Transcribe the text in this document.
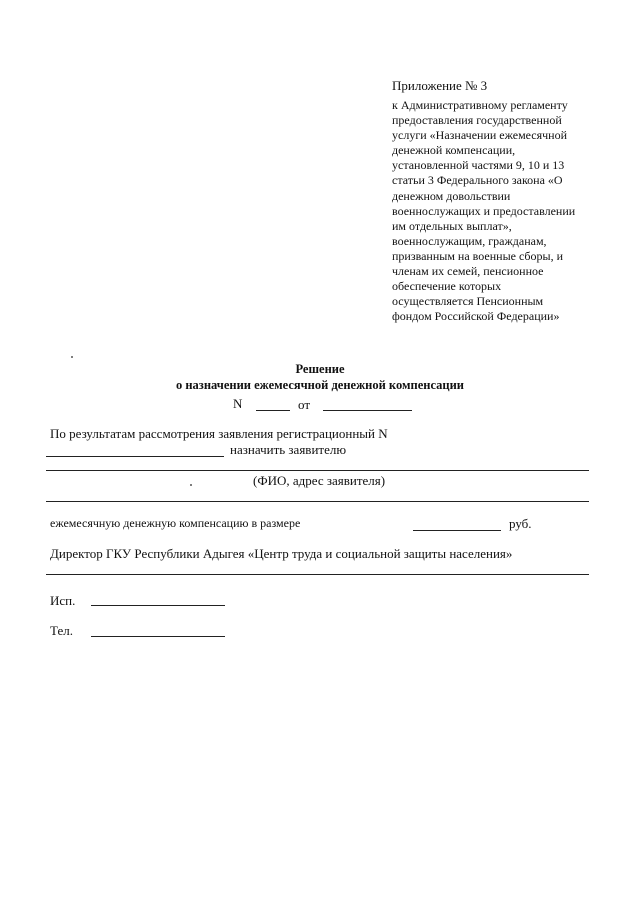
Приложение № 3
к Административному регламенту
предоставления государственной
услуги «Назначении ежемесячной
денежной компенсации,
установленной частями 9, 10 и 13
статьи 3 Федерального закона «О
денежном довольствии
военнослужащих и предоставлении
им отдельных выплат»,
военнослужащим, гражданам,
призванным на военные сборы, и
членам их семей, пенсионное
обеспечение которых
осуществляется Пенсионным
фондом Российской Федерации»
Решение
о назначении ежемесячной денежной компенсации
N	от
По результатам рассмотрения заявления регистрационный N
назначить заявителю
(ФИО, адрес заявителя)
ежемесячную денежную компенсацию в размере	руб.
Директор ГКУ Республики Адыгея «Центр труда и социальной защиты населения»
Исп.
Тел.
